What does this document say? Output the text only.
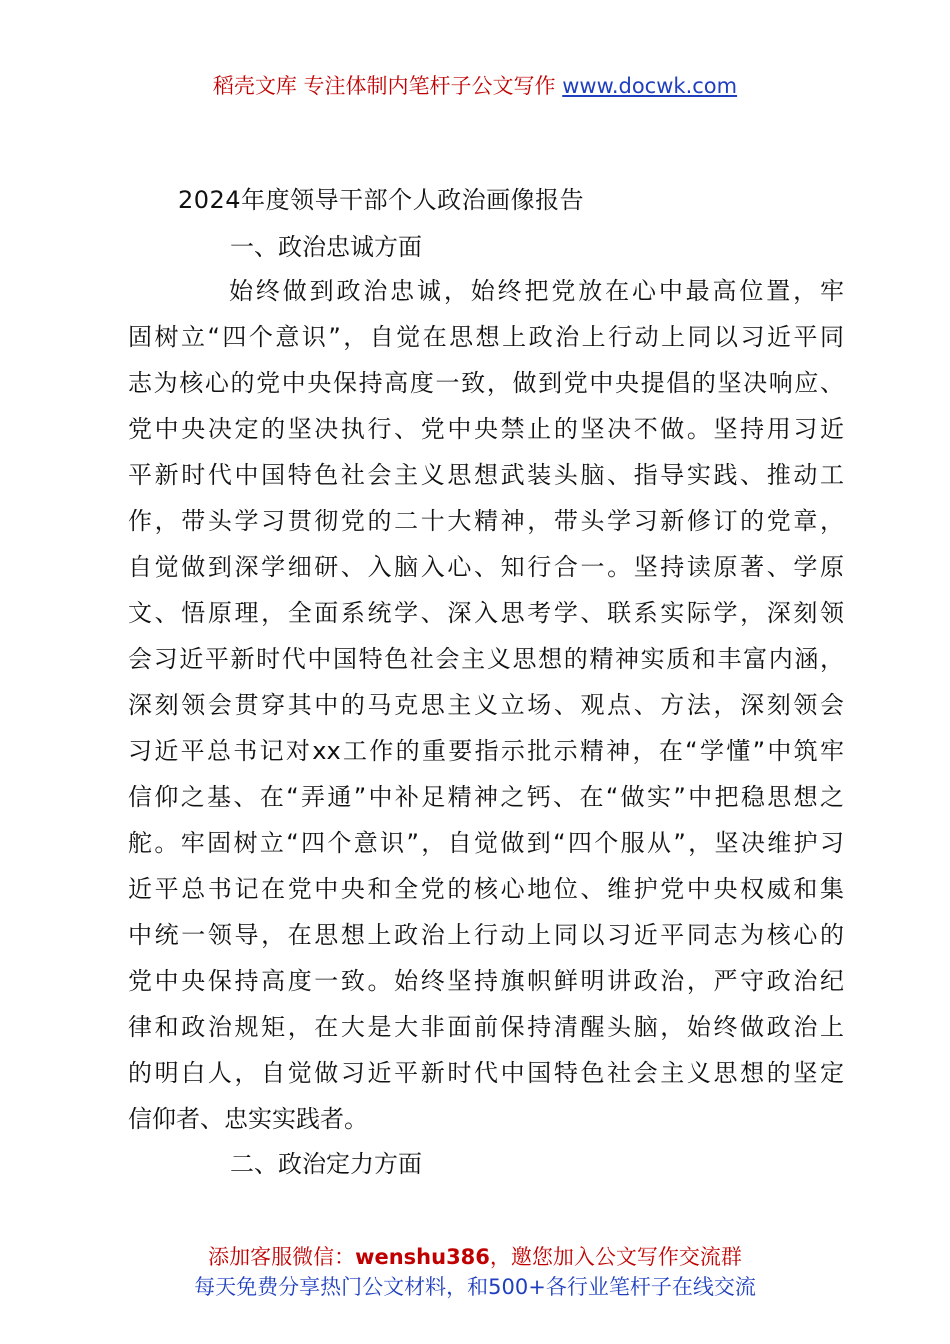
稻壳文库 专注体制内笔杆子公文写作 www.docwk.com
2024年度领导干部个人政治画像报告
一、政治忠诚方面
始终做到政治忠诚，始终把党放在心中最高位置，牢
固树立“四个意识”，自觉在思想上政治上行动上同以习近平同
志为核心的党中央保持高度一致，做到党中央提倡的坚决响应、
党中央决定的坚决执行、党中央禁止的坚决不做。坚持用习近
平新时代中国特色社会主义思想武装头脑、指导实践、推动工
作，带头学习贯彻党的二十大精神，带头学习新修订的党章，
自觉做到深学细研、入脑入心、知行合一。坚持读原著、学原
文、悟原理，全面系统学、深入思考学、联系实际学，深刻领
会习近平新时代中国特色社会主义思想的精神实质和丰富内涵，
深刻领会贯穿其中的马克思主义立场、观点、方法，深刻领会
习近平总书记对xx工作的重要指示批示精神，在“学懂”中筑牢
信仰之基、在“弄通”中补足精神之钙、在“做实”中把稳思想之
舵。牢固树立“四个意识”，自觉做到“四个服从”，坚决维护习
近平总书记在党中央和全党的核心地位、维护党中央权威和集
中统一领导，在思想上政治上行动上同以习近平同志为核心的
党中央保持高度一致。始终坚持旗帜鲜明讲政治，严守政治纪
律和政治规矩，在大是大非面前保持清醒头脑，始终做政治上
的明白人，自觉做习近平新时代中国特色社会主义思想的坚定
信仰者、忠实实践者。
二、政治定力方面
添加客服微信：wenshu386，邀您加入公文写作交流群
每天免费分享热门公文材料，和500+各行业笔杆子在线交流
